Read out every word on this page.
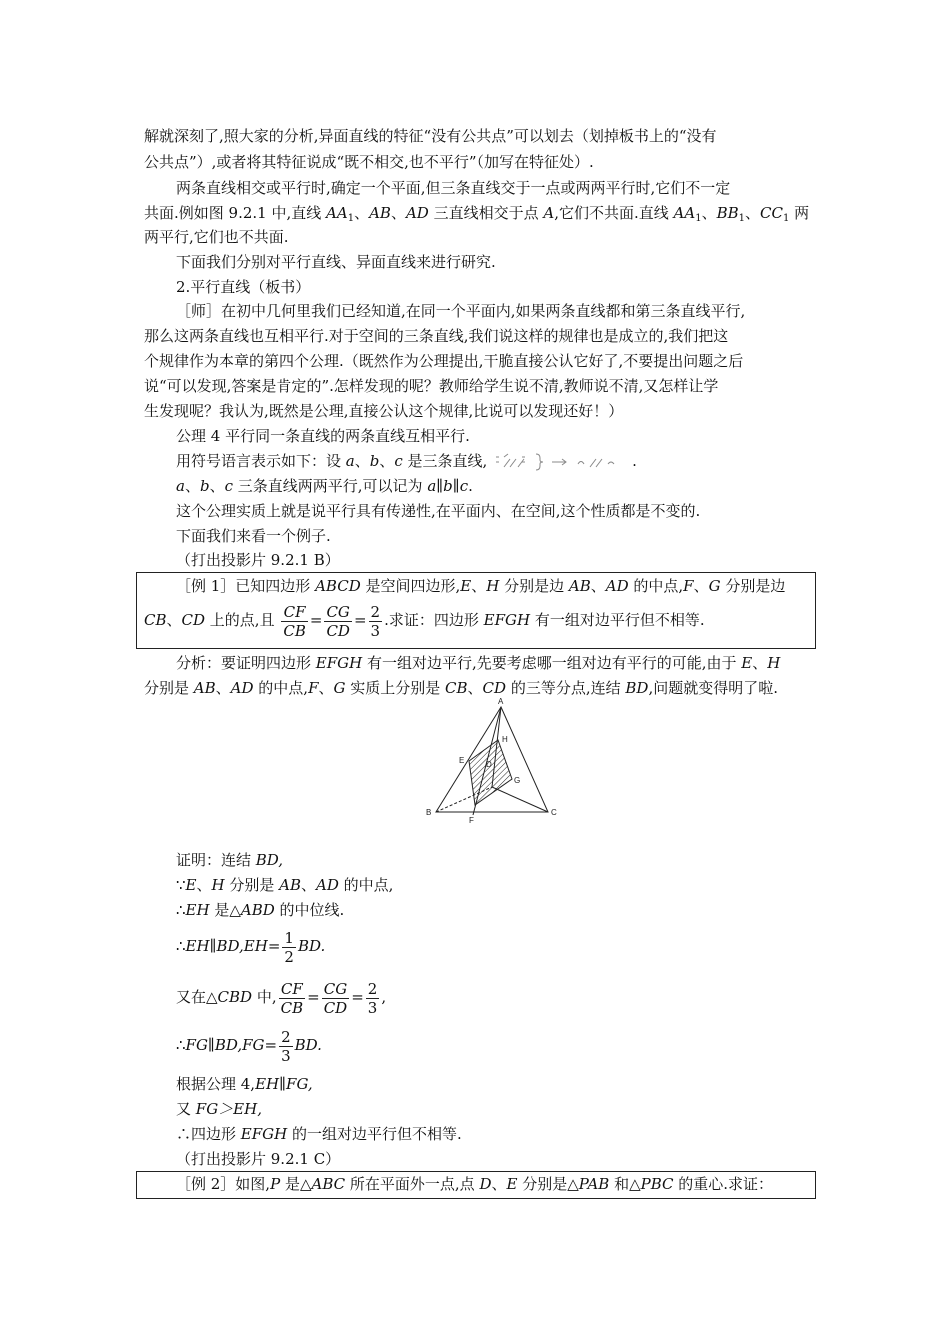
解就深刻了,照大家的分析,异面直线的特征“没有公共点”可以划去（划掉板书上的“没有
公共点”）,或者将其特征说成“既不相交,也不平行”（加写在特征处）.
两条直线相交或平行时,确定一个平面,但三条直线交于一点或两两平行时,它们不一定
共面.例如图 9.2.1 中,直线 $AA_1$、AB、AD 三直线相交于点 A,它们不共面.直线 $AA_1$、$BB_1$、$CC_1$ 两
两平行,它们也不共面.
下面我们分别对平行直线、异面直线来进行研究.
2.平行直线（板书）
［师］在初中几何里我们已经知道,在同一个平面内,如果两条直线都和第三条直线平行,
那么这两条直线也互相平行.对于空间的三条直线,我们说这样的规律也是成立的,我们把这
个规律作为本章的第四个公理.（既然作为公理提出,干脆直接公认它好了,不要提出问题之后
说“可以发现,答案是肯定的”.怎样发现的呢？教师给学生说不清,教师说不清,又怎样让学
生发现呢？我认为,既然是公理,直接公认这个规律,比说可以发现还好！）
公理 4 平行同一条直线的两条直线互相平行.
用符号语言表示如下：设 a、b、c 是三条直线,	.
a、b、c 三条直线两两平行,可以记为 a∥b∥c.
这个公理实质上就是说平行具有传递性,在平面内、在空间,这个性质都是不变的.
下面我们来看一个例子.
（打出投影片 9.2.1 B）
［例 1］已知四边形 ABCD 是空间四边形,E、H 分别是边 AB、AD 的中点,F、G 分别是边
CB、CD 上的点,且 $\frac{CF}{CB} = \frac{CG}{CD} = \frac{2}{3}$ .求证：四边形 EFGH 有一组对边平行但不相等.
分析：要证明四边形 EFGH 有一组对边平行,先要考虑哪一组对边有平行的可能,由于 E、H
分别是 AB、AD 的中点,F、G 实质上分别是 CB、CD 的三等分点,连结 BD,问题就变得明了啦.
A
H
E	D
G
B
F
C
证明：连结 BD,
∵E、H 分别是 AB、AD 的中点,
∴EH 是△ABD 的中位线.
∴EH∥BD,EH= $\frac{1}{2}$ BD.
又在△CBD 中, $\frac{CF}{CB} = \frac{CG}{CD} = \frac{2}{3}$ ,
∴FG∥BD,FG= $\frac{2}{3}$ BD.
根据公理 4,EH∥FG,
又 FG＞EH,
∴四边形 EFGH 的一组对边平行但不相等.
（打出投影片 9.2.1 C）
［例 2］如图,P 是△ABC 所在平面外一点,点 D、E 分别是△PAB 和△PBC 的重心.求证：
